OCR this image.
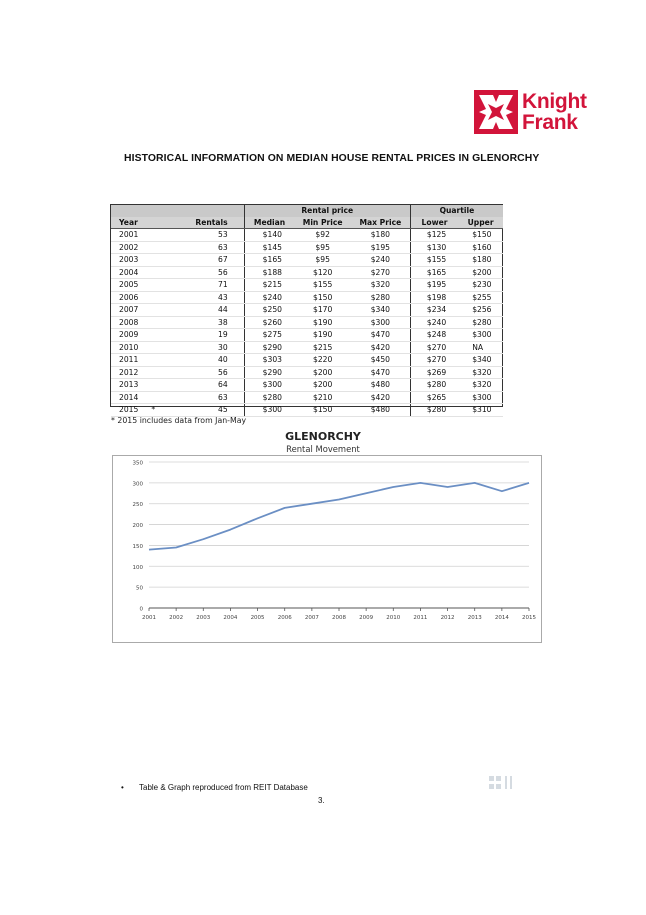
Knight
Frank
HISTORICAL INFORMATION ON MEDIAN HOUSE RENTAL PRICES IN GLENORCHY
			Rental price			Quartile	
Year		Rentals	Median	Min Price	Max Price	Lower	Upper
2001		53	$140	$92	$180	$125	$150
2002		63	$145	$95	$195	$130	$160
2003		67	$165	$95	$240	$155	$180
2004		56	$188	$120	$270	$165	$200
2005		71	$215	$155	$320	$195	$230
2006		43	$240	$150	$280	$198	$255
2007		44	$250	$170	$340	$234	$256
2008		38	$260	$190	$300	$240	$280
2009		19	$275	$190	$470	$248	$300
2010		30	$290	$215	$420	$270	NA
2011		40	$303	$220	$450	$270	$340
2012		56	$290	$200	$470	$269	$320
2013		64	$300	$200	$480	$280	$320
2014		63	$280	$210	$420	$265	$300
2015	*	45	$300	$150	$480	$280	$310
* 2015 includes data from Jan-May
GLENORCHY
Rental Movement
0
50
100
150
200
250
300
350
2001 2002 2003 2004 2005 2006 2007 2008 2009 2010 2011 2012 2013 2014 2015
• Table & Graph reproduced from REIT Database
3.
